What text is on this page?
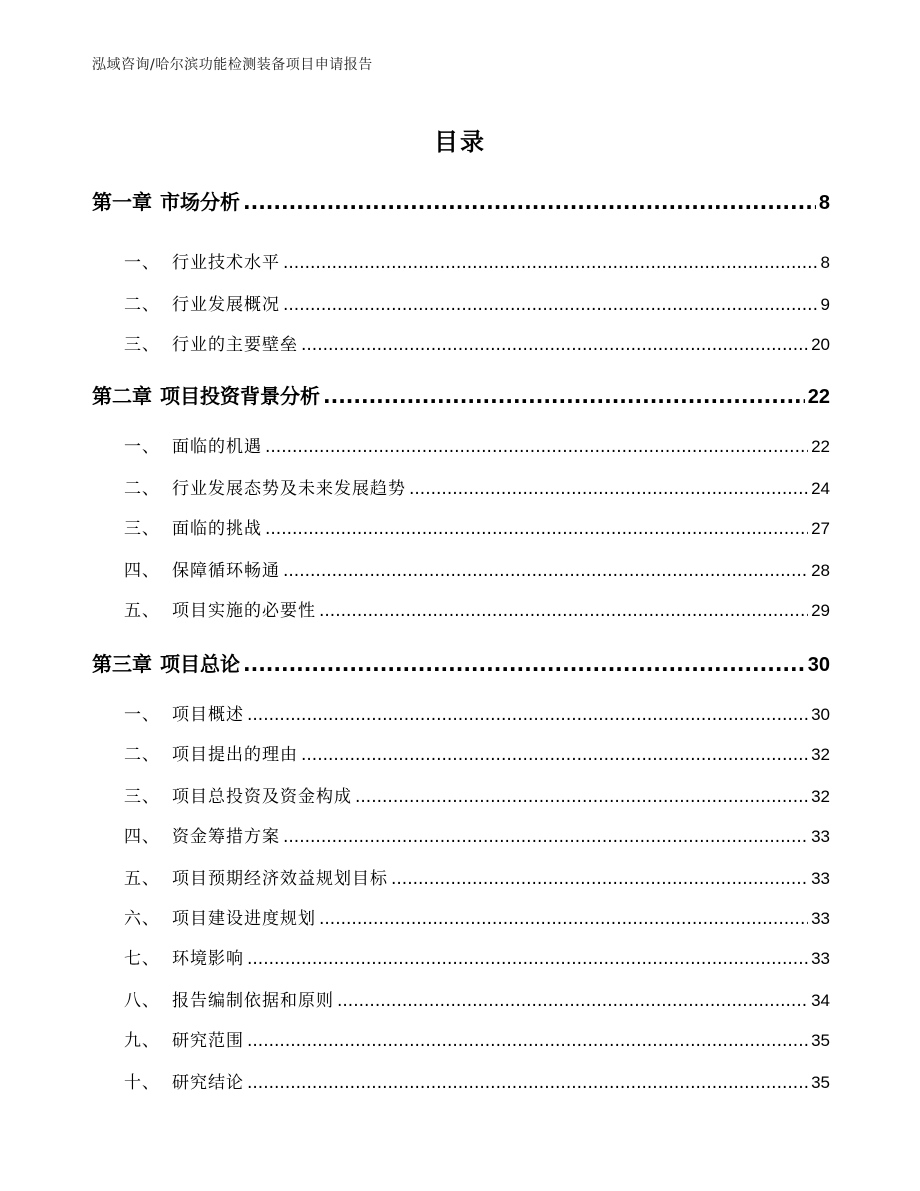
泓域咨询/哈尔滨功能检测装备项目申请报告
目录
第一章 市场分析 .....	8
一、 行业技术水平 .....	8
二、 行业发展概况 .....	9
三、 行业的主要壁垒 .....	20
第二章 项目投资背景分析 .....	22
一、 面临的机遇 .....	22
二、 行业发展态势及未来发展趋势 .....	24
三、 面临的挑战 .....	27
四、 保障循环畅通 .....	28
五、 项目实施的必要性 .....	29
第三章 项目总论 .....	30
一、 项目概述 .....	30
二、 项目提出的理由 .....	32
三、 项目总投资及资金构成 .....	32
四、 资金筹措方案 .....	33
五、 项目预期经济效益规划目标 .....	33
六、 项目建设进度规划 .....	33
七、 环境影响 .....	33
八、 报告编制依据和原则 .....	34
九、 研究范围 .....	35
十、 研究结论 .....	35
